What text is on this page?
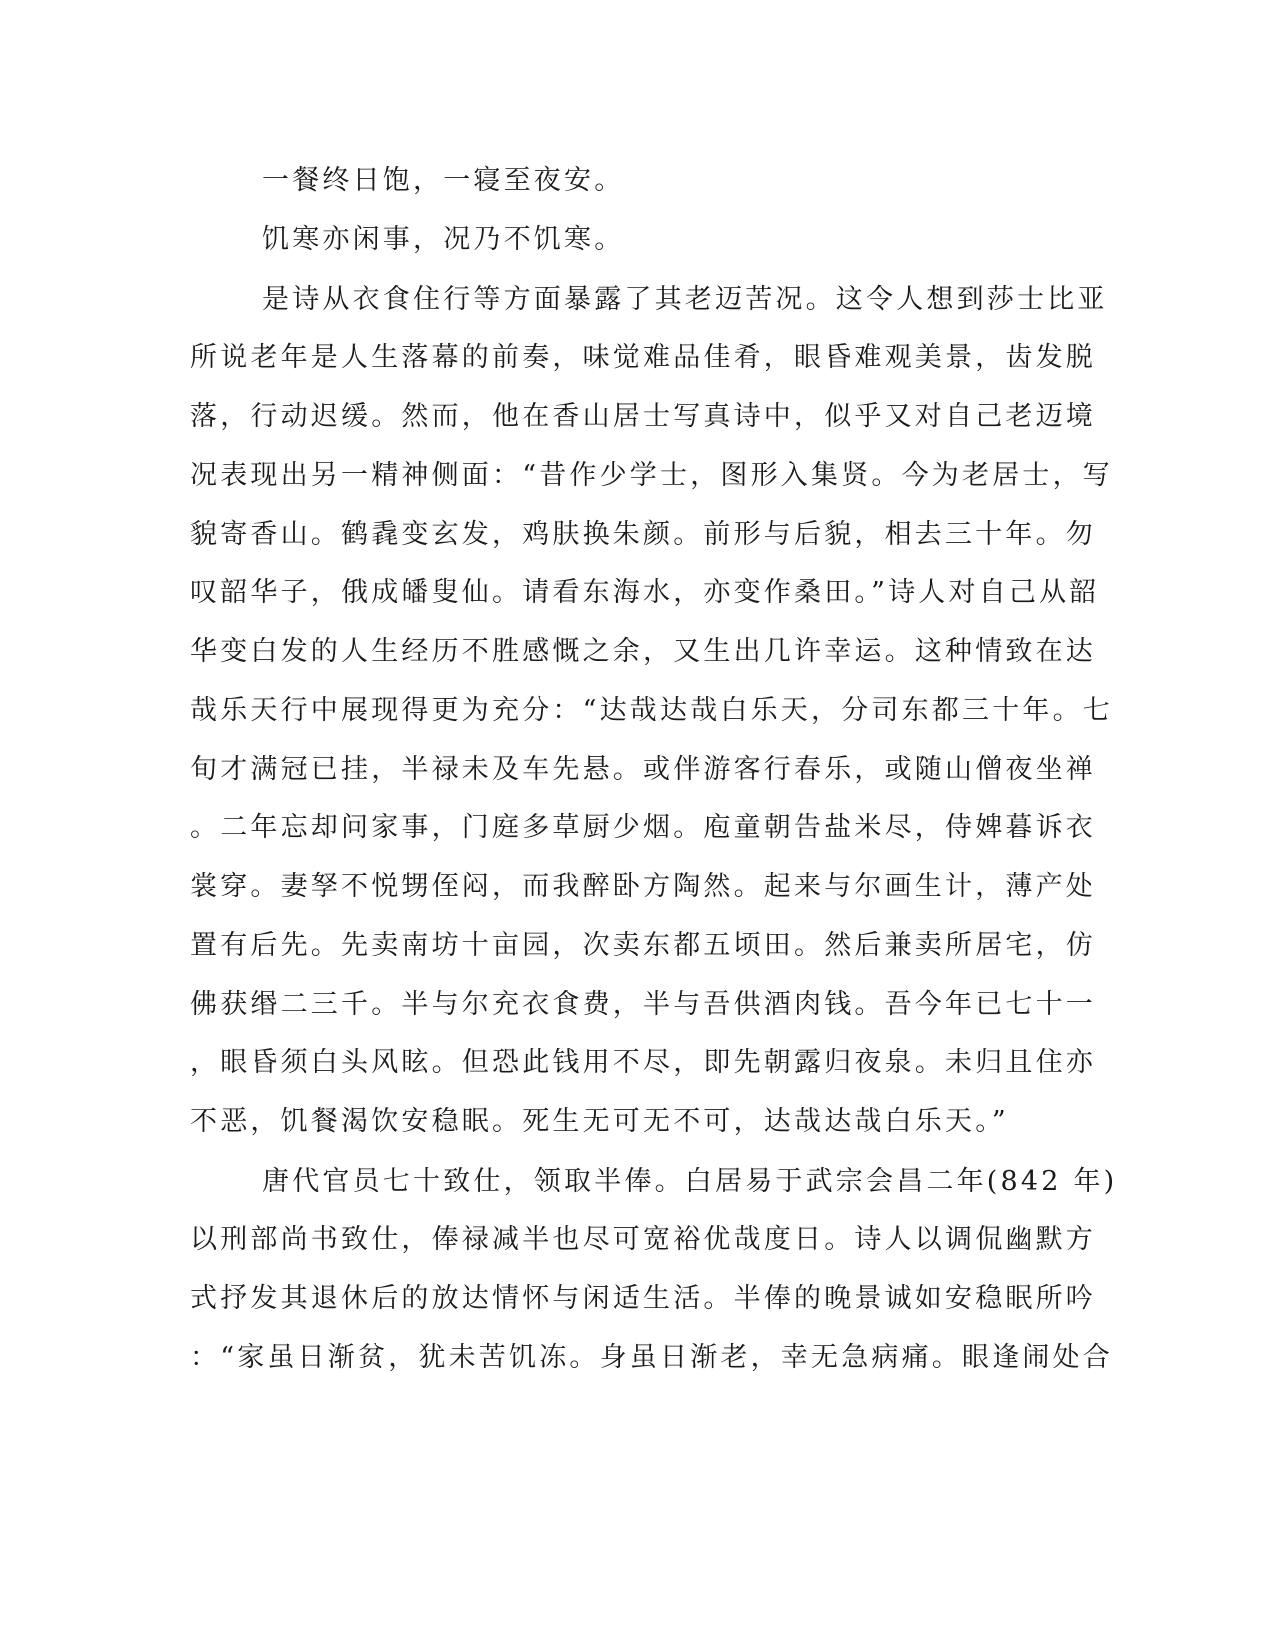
一餐终日饱，一寝至夜安。
饥寒亦闲事，况乃不饥寒。
是诗从衣食住行等方面暴露了其老迈苦况。这令人想到莎士比亚
所说老年是人生落幕的前奏，味觉难品佳肴，眼昏难观美景，齿发脱
落，行动迟缓。然而，他在香山居士写真诗中，似乎又对自己老迈境
况表现出另一精神侧面：“昔作少学士，图形入集贤。今为老居士，写
貌寄香山。鹤毳变玄发，鸡肤换朱颜。前形与后貌，相去三十年。勿
叹韶华子，俄成皤叟仙。请看东海水，亦变作桑田。”诗人对自己从韶
华变白发的人生经历不胜感慨之余，又生出几许幸运。这种情致在达
哉乐天行中展现得更为充分：“达哉达哉白乐天，分司东都三十年。七
旬才满冠已挂，半禄未及车先悬。或伴游客行春乐，或随山僧夜坐禅
。二年忘却问家事，门庭多草厨少烟。庖童朝告盐米尽，侍婢暮诉衣
裳穿。妻孥不悦甥侄闷，而我醉卧方陶然。起来与尔画生计，薄产处
置有后先。先卖南坊十亩园，次卖东都五顷田。然后兼卖所居宅，仿
佛获缗二三千。半与尔充衣食费，半与吾供酒肉钱。吾今年已七十一
，眼昏须白头风眩。但恐此钱用不尽，即先朝露归夜泉。未归且住亦
不恶，饥餐渴饮安稳眠。死生无可无不可，达哉达哉白乐天。”
唐代官员七十致仕，领取半俸。白居易于武宗会昌二年(842 年)
以刑部尚书致仕，俸禄减半也尽可宽裕优哉度日。诗人以调侃幽默方
式抒发其退休后的放达情怀与闲适生活。半俸的晚景诚如安稳眠所吟
：“家虽日渐贫，犹未苦饥冻。身虽日渐老，幸无急病痛。眼逢闹处合
